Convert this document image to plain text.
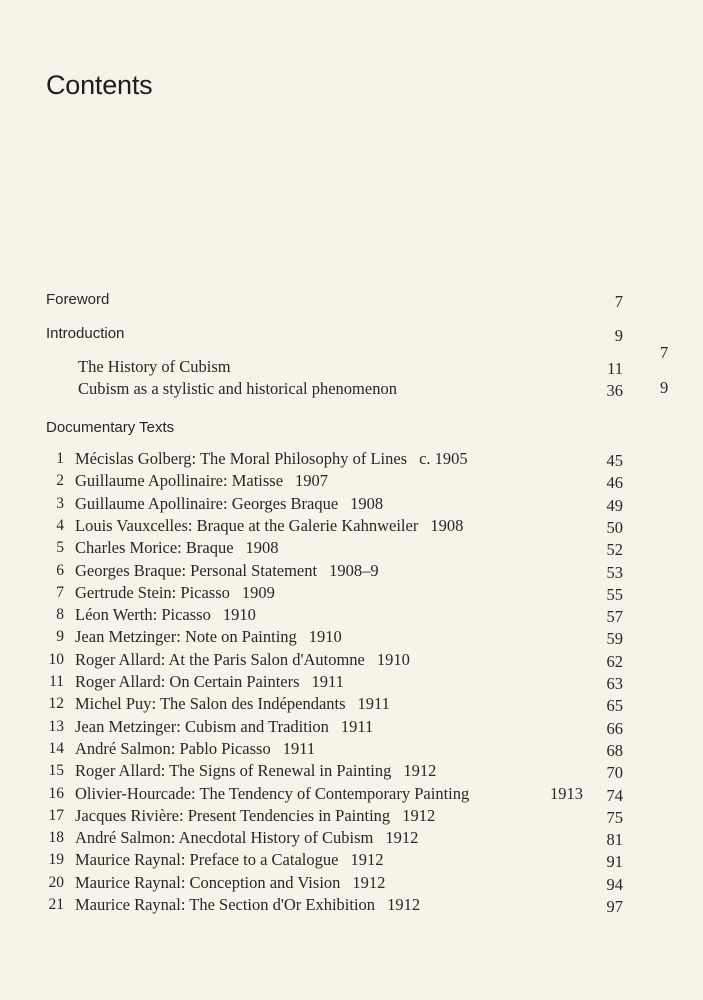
Contents
Foreword	7
Introduction	9
The History of Cubism	11
Cubism as a stylistic and historical phenomenon	36
7
9
Documentary Texts
1 Mécislas Golberg: The Moral Philosophy of Lines c. 1905	45
2 Guillaume Apollinaire: Matisse 1907	46
3 Guillaume Apollinaire: Georges Braque 1908	49
4 Louis Vauxcelles: Braque at the Galerie Kahnweiler 1908	50
5 Charles Morice: Braque 1908	52
6 Georges Braque: Personal Statement 1908–9	53
7 Gertrude Stein: Picasso 1909	55
8 Léon Werth: Picasso 1910	57
9 Jean Metzinger: Note on Painting 1910	59
10 Roger Allard: At the Paris Salon d'Automne 1910	62
11 Roger Allard: On Certain Painters 1911	63
12 Michel Puy: The Salon des Indépendants 1911	65
13 Jean Metzinger: Cubism and Tradition 1911	66
14 André Salmon: Pablo Picasso 1911	68
15 Roger Allard: The Signs of Renewal in Painting 1912	70
16 Olivier-Hourcade: The Tendency of Contemporary Painting	1913	74
17 Jacques Rivière: Present Tendencies in Painting 1912	75
18 André Salmon: Anecdotal History of Cubism 1912	81
19 Maurice Raynal: Preface to a Catalogue 1912	91
20 Maurice Raynal: Conception and Vision 1912	94
21 Maurice Raynal: The Section d'Or Exhibition 1912	97
